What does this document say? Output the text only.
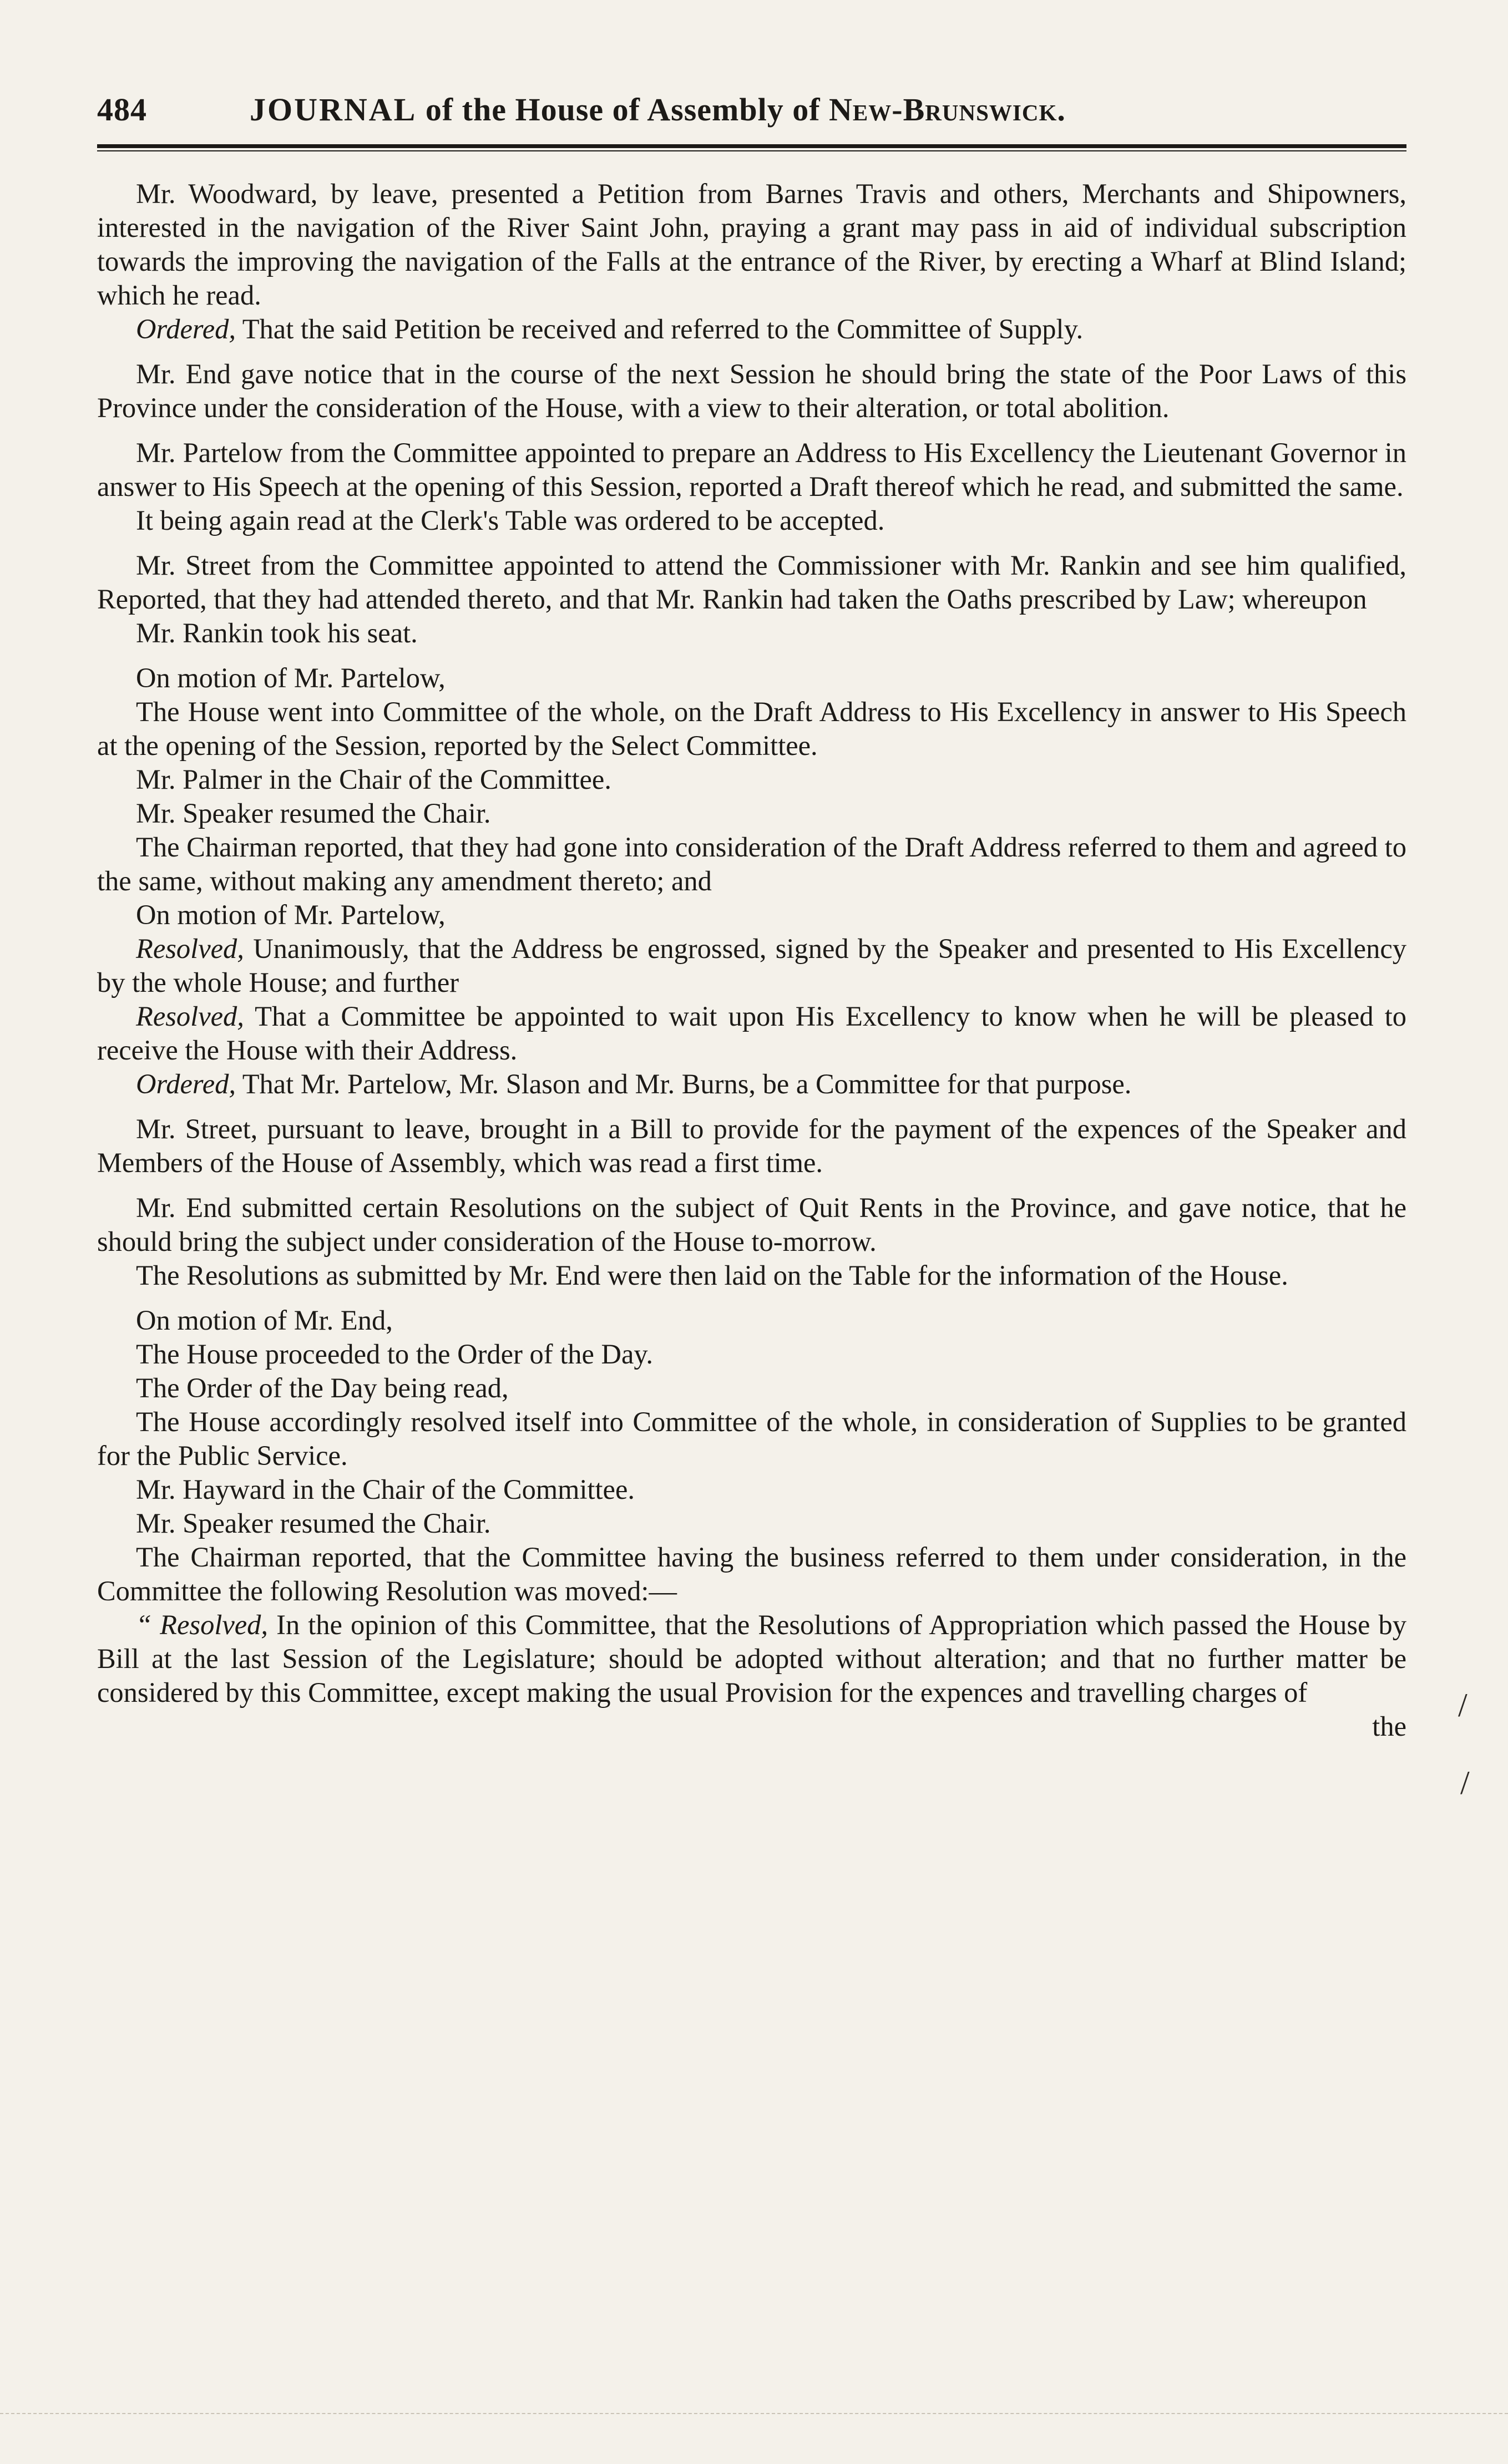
484	JOURNAL of the House of Assembly of New-Brunswick.

Mr. Woodward, by leave, presented a Petition from Barnes Travis and others, Merchants and Shipowners, interested in the navigation of the River Saint John, praying a grant may pass in aid of individual subscription towards the improving the navigation of the Falls at the entrance of the River, by erecting a Wharf at Blind Island; which he read.

Ordered, That the said Petition be received and referred to the Committee of Supply.

Mr. End gave notice that in the course of the next Session he should bring the state of the Poor Laws of this Province under the consideration of the House, with a view to their alteration, or total abolition.

Mr. Partelow from the Committee appointed to prepare an Address to His Excellency the Lieutenant Governor in answer to His Speech at the opening of this Session, reported a Draft thereof which he read, and submitted the same.

It being again read at the Clerk's Table was ordered to be accepted.

Mr. Street from the Committee appointed to attend the Commissioner with Mr. Rankin and see him qualified, Reported, that they had attended thereto, and that Mr. Rankin had taken the Oaths prescribed by Law; whereupon

Mr. Rankin took his seat.

On motion of Mr. Partelow,

The House went into Committee of the whole, on the Draft Address to His Excellency in answer to His Speech at the opening of the Session, reported by the Select Committee.

Mr. Palmer in the Chair of the Committee.

Mr. Speaker resumed the Chair.

The Chairman reported, that they had gone into consideration of the Draft Address referred to them and agreed to the same, without making any amendment thereto; and

On motion of Mr. Partelow,

Resolved, Unanimously, that the Address be engrossed, signed by the Speaker and presented to His Excellency by the whole House; and further

Resolved, That a Committee be appointed to wait upon His Excellency to know when he will be pleased to receive the House with their Address.

Ordered, That Mr. Partelow, Mr. Slason and Mr. Burns, be a Committee for that purpose.

Mr. Street, pursuant to leave, brought in a Bill to provide for the payment of the expences of the Speaker and Members of the House of Assembly, which was read a first time.

Mr. End submitted certain Resolutions on the subject of Quit Rents in the Province, and gave notice, that he should bring the subject under consideration of the House to-morrow.

The Resolutions as submitted by Mr. End were then laid on the Table for the information of the House.

On motion of Mr. End,

The House proceeded to the Order of the Day.

The Order of the Day being read,

The House accordingly resolved itself into Committee of the whole, in consideration of Supplies to be granted for the Public Service.

Mr. Hayward in the Chair of the Committee.

Mr. Speaker resumed the Chair.

The Chairman reported, that the Committee having the business referred to them under consideration, in the Committee the following Resolution was moved:—

“ Resolved, In the opinion of this Committee, that the Resolutions of Appropriation which passed the House by Bill at the last Session of the Legislature; should be adopted without alteration; and that no further matter be considered by this Committee, except making the usual Provision for the expences and travelling charges of

the

/
/
